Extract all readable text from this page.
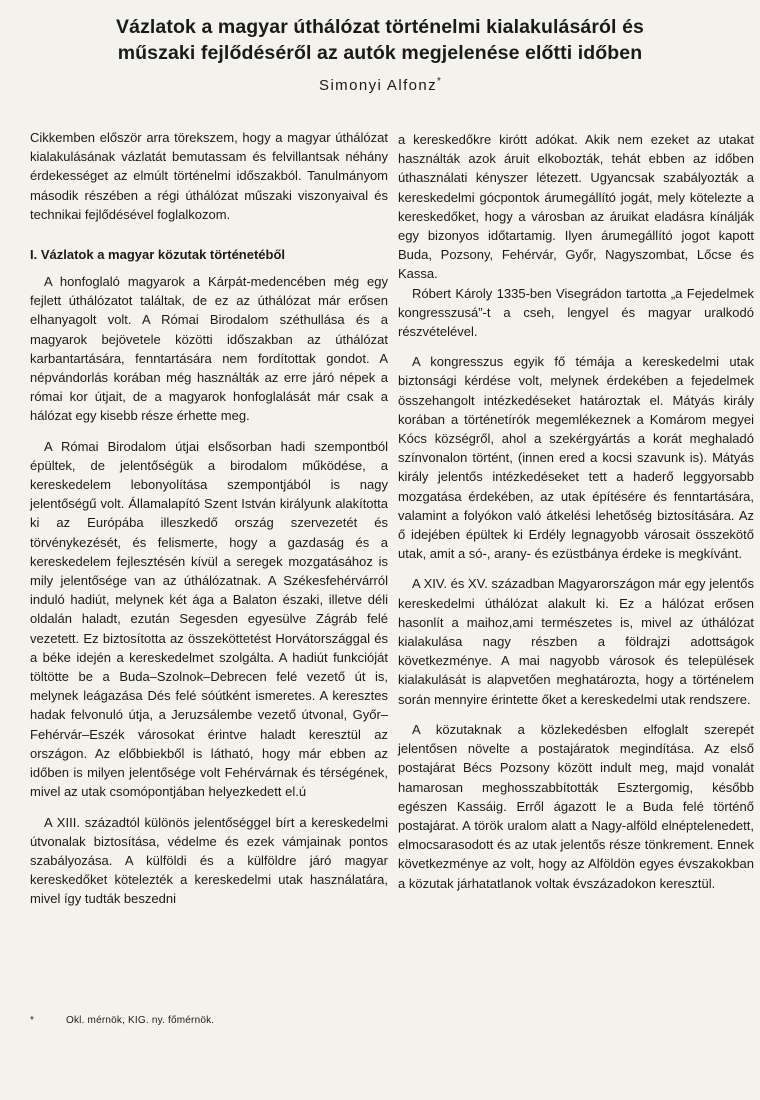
Vázlatok a magyar úthálózat történelmi kialakulásáról és
műszaki fejlődéséről az autók megjelenése előtti időben
Simonyi Alfonz*

Cikkemben először arra törekszem, hogy a magyar úthálózat kialakulásának vázlatát bemutassam és felvillantsak néhány érdekességet az elmúlt történelmi időszakból. Tanulmányom második részében a régi úthálózat műszaki viszonyaival és technikai fejlődésével foglalkozom.

I. Vázlatok a magyar közutak történetéből

A honfoglaló magyarok a Kárpát-medencében még egy fejlett úthálózatot találtak, de ez az úthálózat már erősen elhanyagolt volt. A Római Birodalom széthullása és a magyarok bejövetele közötti időszakban az úthálózat karbantartására, fenntartására nem fordítottak gondot. A népvándorlás korában még használták az erre járó népek a római kor útjait, de a magyarok honfoglalását már csak a hálózat egy kisebb része érhette meg.

A Római Birodalom útjai elsősorban hadi szempontból épültek, de jelentőségük a birodalom működése, a kereskedelem lebonyolítása szempontjából is nagy jelentőségű volt. Államalapító Szent István királyunk alakította ki az Európába illeszkedő ország szervezetét és törvénykezését, és felismerte, hogy a gazdaság és a kereskedelem fejlesztésén kívül a seregek mozgatásához is mily jelentősége van az úthálózatnak. A Székesfehérvárról induló hadiút, melynek két ága a Balaton északi, illetve déli oldalán haladt, ezután Segesden egyesülve Zágráb felé vezetett. Ez biztosította az összeköttetést Horvátországgal és a béke idején a kereskedelmet szolgálta. A hadiút funkcióját töltötte be a Buda–Szolnok–Debrecen felé vezető út is, melynek leágazása Dés felé sóútként ismeretes. A keresztes hadak felvonuló útja, a Jeruzsálembe vezető útvonal, Győr–Fehérvár–Eszék városokat érintve haladt keresztül az országon. Az előbbiekből is látható, hogy már ebben az időben is milyen jelentősége volt Fehérvárnak és térségének, mivel az utak csomópontjában helyezkedett el.ú

A XIII. századtól különös jelentőséggel bírt a kereskedelmi útvonalak biztosítása, védelme és ezek vámjainak pontos szabályozása. A külföldi és a külföldre járó magyar kereskedőket kötelezték a kereskedelmi utak használatára, mivel így tudták beszedni

a kereskedőkre kirótt adókat. Akik nem ezeket az utakat használták azok áruit elkobozták, tehát ebben az időben úthasználati kényszer létezett. Ugyancsak szabályozták a kereskedelmi gócpontok árumegállító jogát, mely kötelezte a kereskedőket, hogy a városban az áruikat eladásra kínálják egy bizonyos időtartamig. Ilyen árumegállító jogot kapott Buda, Pozsony, Fehérvár, Győr, Nagyszombat, Lőcse és Kassa.

Róbert Károly 1335-ben Visegrádon tartotta „a Fejedelmek kongresszusá”-t a cseh, lengyel és magyar uralkodó részvételével.

A kongresszus egyik fő témája a kereskedelmi utak biztonsági kérdése volt, melynek érdekében a fejedelmek összehangolt intézkedéseket határoztak el. Mátyás király korában a történetírók megemlékeznek a Komárom megyei Kócs községről, ahol a szekérgyártás a korát meghaladó színvonalon történt, (innen ered a kocsi szavunk is). Mátyás király jelentős intézkedéseket tett a haderő leggyorsabb mozgatása érdekében, az utak építésére és fenntartására, valamint a folyókon való átkelési lehetőség biztosítására. Az ő idejében épültek ki Erdély legnagyobb városait összekötő utak, amit a só-, arany- és ezüstbánya érdeke is megkívánt.

A XIV. és XV. században Magyarországon már egy jelentős kereskedelmi úthálózat alakult ki. Ez a hálózat erősen hasonlít a maihoz,ami természetes is, mivel az úthálózat kialakulása nagy részben a földrajzi adottságok következménye. A mai nagyobb városok és települések kialakulását is alapvetően meghatározta, hogy a történelem során mennyire érintette őket a kereskedelmi utak rendszere.

A közutaknak a közlekedésben elfoglalt szerepét jelentősen növelte a postajáratok megindítása. Az első postajárat Bécs Pozsony között indult meg, majd vonalát hamarosan meghosszabbították Esztergomig, később egészen Kassáig. Erről ágazott le a Buda felé történő postajárat. A török uralom alatt a Nagy-alföld elnéptelenedett, elmocsarasodott és az utak jelentős része tönkrement. Ennek következménye az volt, hogy az Alföldön egyes évszakokban a közutak járhatatlanok voltak évszázadokon keresztül.

*	Okl. mérnök, KIG. ny. főmérnök.
